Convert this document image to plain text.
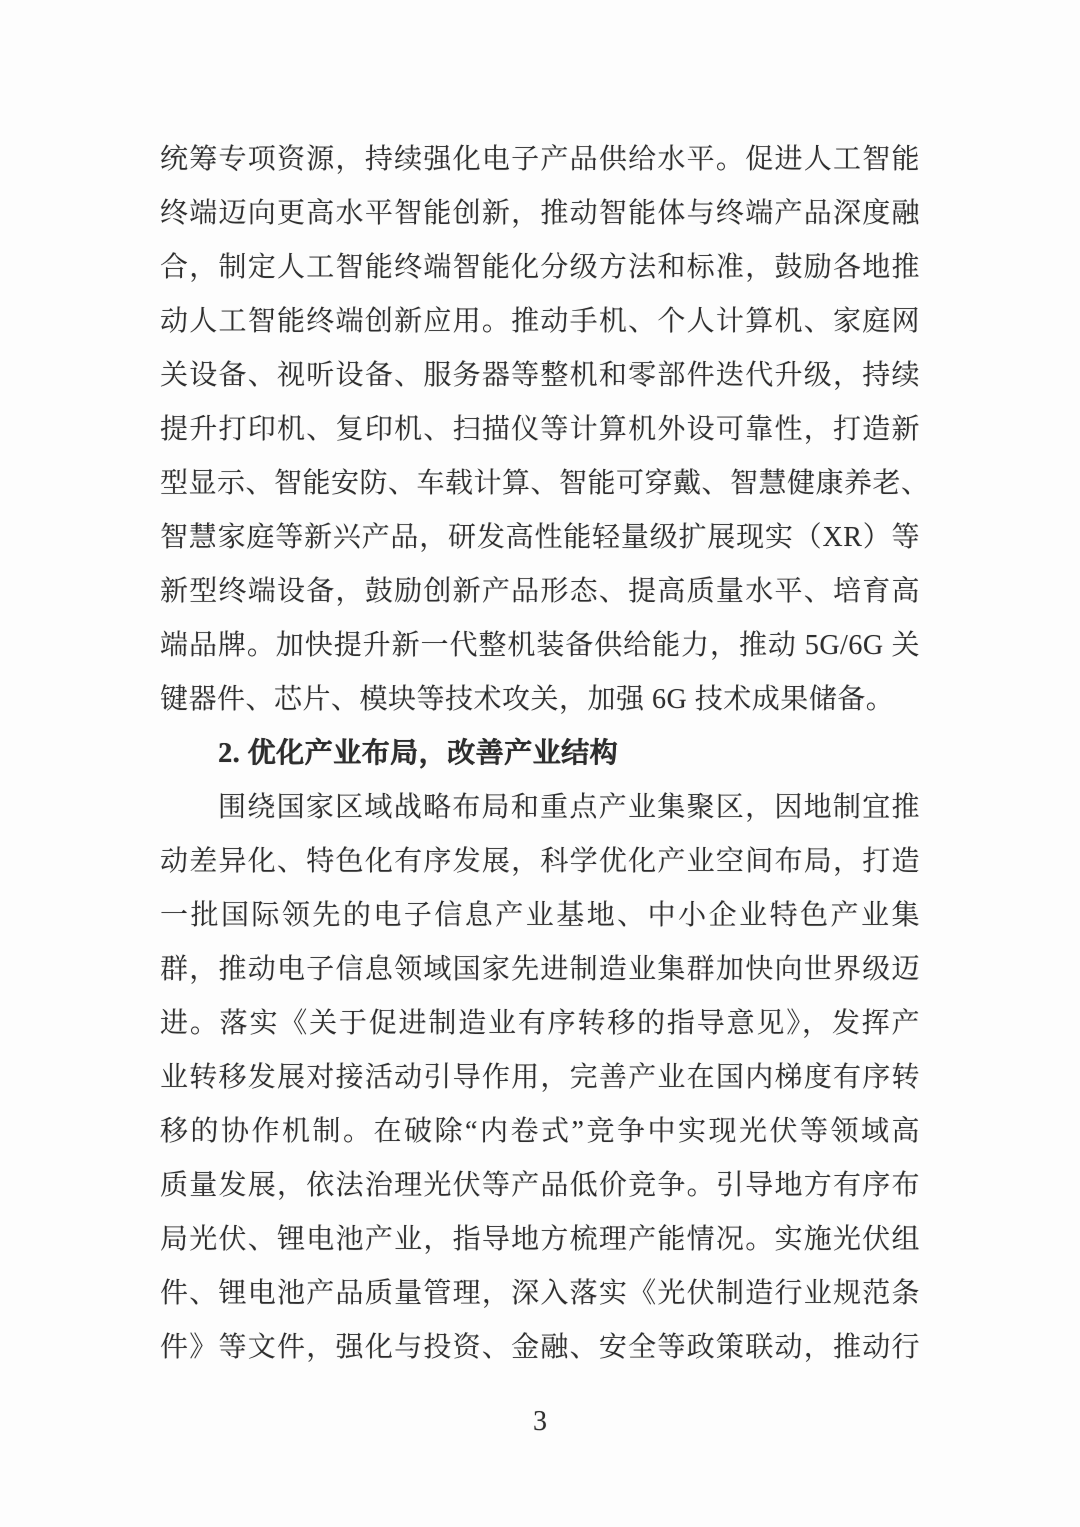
统筹专项资源，持续强化电子产品供给水平。促进人工智能
终端迈向更高水平智能创新，推动智能体与终端产品深度融
合，制定人工智能终端智能化分级方法和标准，鼓励各地推
动人工智能终端创新应用。推动手机、个人计算机、家庭网
关设备、视听设备、服务器等整机和零部件迭代升级，持续
提升打印机、复印机、扫描仪等计算机外设可靠性，打造新
型显示、智能安防、车载计算、智能可穿戴、智慧健康养老、
智慧家庭等新兴产品，研发高性能轻量级扩展现实（XR）等
新型终端设备，鼓励创新产品形态、提高质量水平、培育高
端品牌。加快提升新一代整机装备供给能力，推动 5G/6G 关
键器件、芯片、模块等技术攻关，加强 6G 技术成果储备。
2. 优化产业布局，改善产业结构
围绕国家区域战略布局和重点产业集聚区，因地制宜推
动差异化、特色化有序发展，科学优化产业空间布局，打造
一批国际领先的电子信息产业基地、中小企业特色产业集
群，推动电子信息领域国家先进制造业集群加快向世界级迈
进。落实《关于促进制造业有序转移的指导意见》，发挥产
业转移发展对接活动引导作用，完善产业在国内梯度有序转
移的协作机制。在破除“内卷式”竞争中实现光伏等领域高
质量发展，依法治理光伏等产品低价竞争。引导地方有序布
局光伏、锂电池产业，指导地方梳理产能情况。实施光伏组
件、锂电池产品质量管理，深入落实《光伏制造行业规范条
件》等文件，强化与投资、金融、安全等政策联动，推动行
3
